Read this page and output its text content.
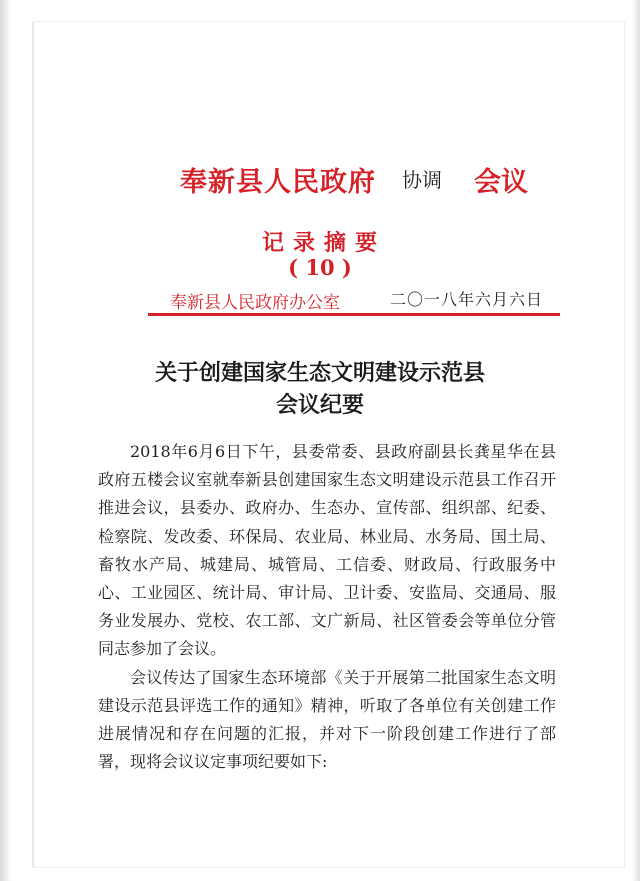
奉新县人民政府 协调 会议
记录摘要
( 10 )
奉新县人民政府办公室	二〇一八年六月六日
关于创建国家生态文明建设示范县
会议纪要

2018年6月6日下午，县委常委、县政府副县长龚星华在县政府五楼会议室就奉新县创建国家生态文明建设示范县工作召开推进会议，县委办、政府办、生态办、宣传部、组织部、纪委、检察院、发改委、环保局、农业局、林业局、水务局、国土局、畜牧水产局、城建局、城管局、工信委、财政局、行政服务中心、工业园区、统计局、审计局、卫计委、安监局、交通局、服务业发展办、党校、农工部、文广新局、社区管委会等单位分管同志参加了会议。

会议传达了国家生态环境部《关于开展第二批国家生态文明建设示范县评选工作的通知》精神，听取了各单位有关创建工作进展情况和存在问题的汇报，并对下一阶段创建工作进行了部署，现将会议议定事项纪要如下:
